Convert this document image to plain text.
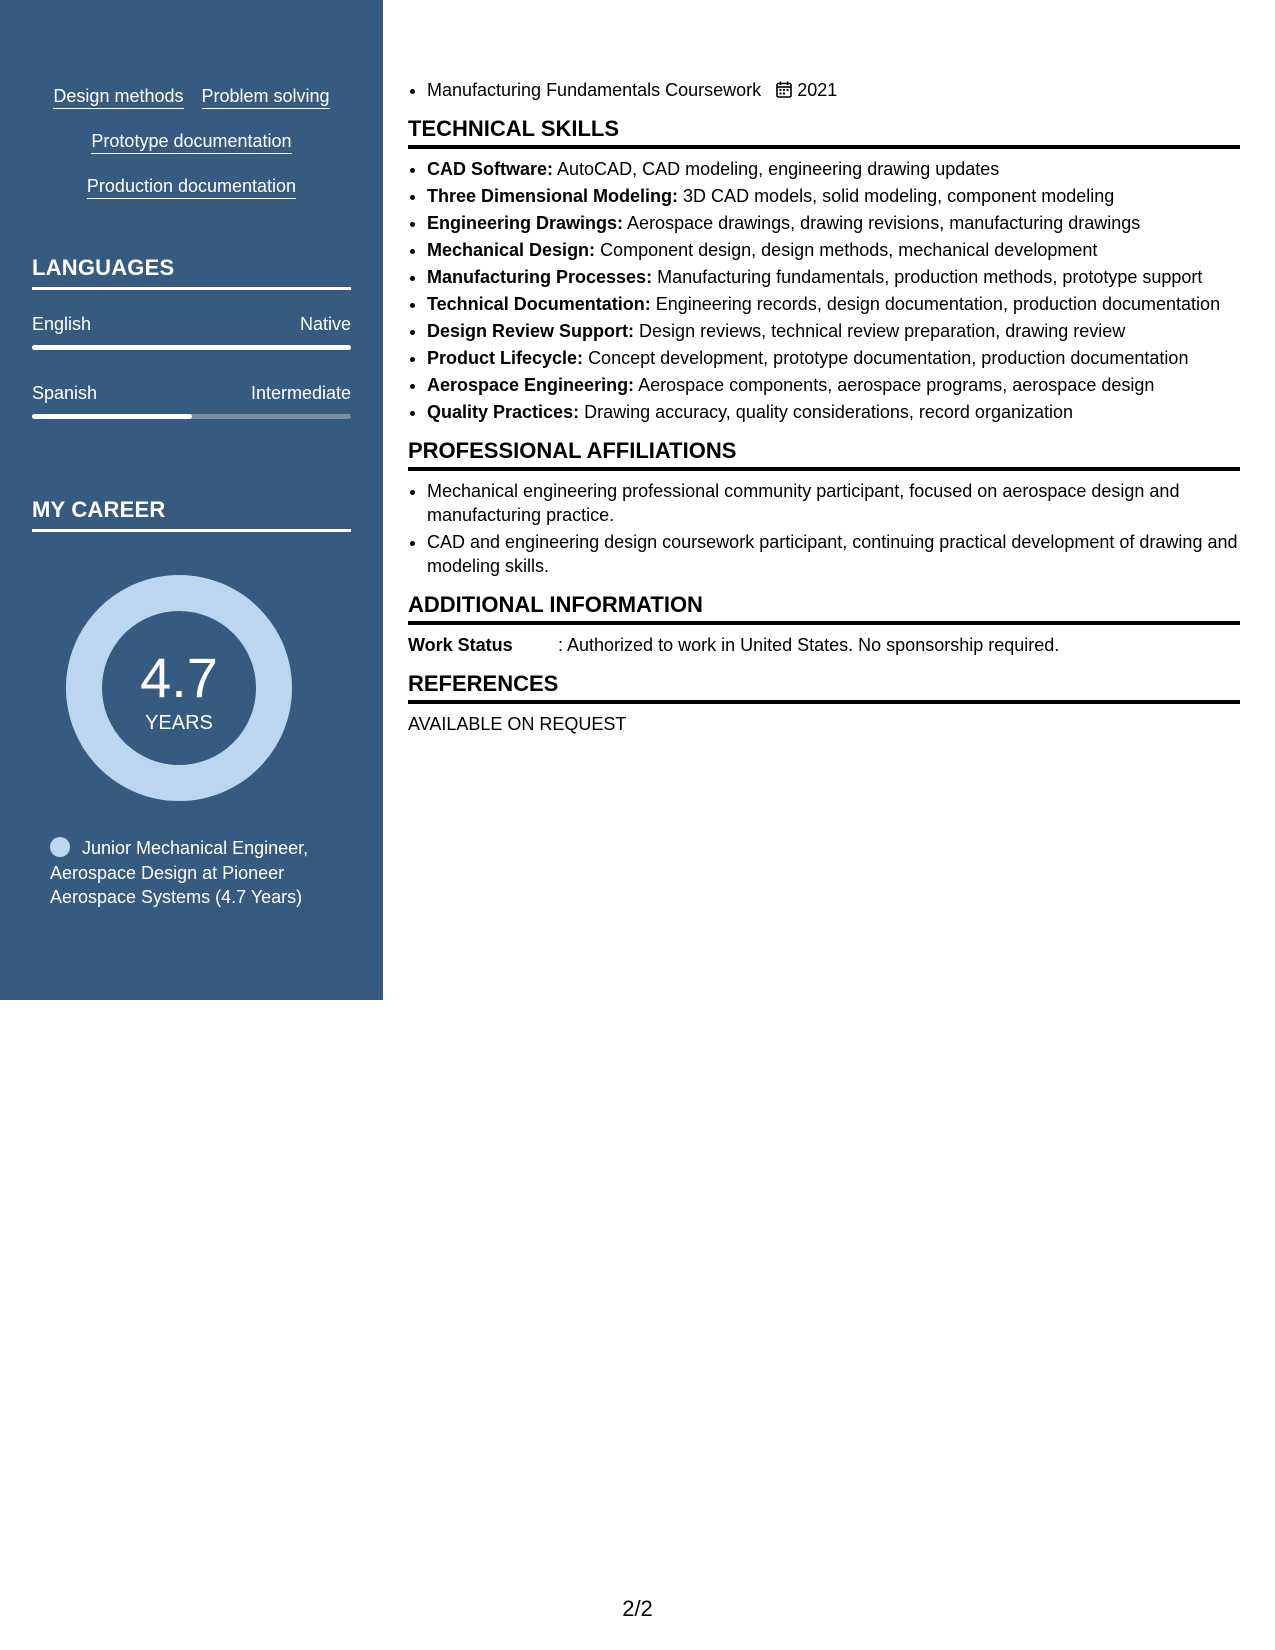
Design methods Problem solving
Prototype documentation
Production documentation
LANGUAGES
English	Native
Spanish	Intermediate
MY CAREER
4.7
YEARS
Junior Mechanical Engineer, Aerospace Design at Pioneer Aerospace Systems (4.7 Years)
• Manufacturing Fundamentals Coursework 2021
TECHNICAL SKILLS
• CAD Software: AutoCAD, CAD modeling, engineering drawing updates
• Three Dimensional Modeling: 3D CAD models, solid modeling, component modeling
• Engineering Drawings: Aerospace drawings, drawing revisions, manufacturing drawings
• Mechanical Design: Component design, design methods, mechanical development
• Manufacturing Processes: Manufacturing fundamentals, production methods, prototype support
• Technical Documentation: Engineering records, design documentation, production documentation
• Design Review Support: Design reviews, technical review preparation, drawing review
• Product Lifecycle: Concept development, prototype documentation, production documentation
• Aerospace Engineering: Aerospace components, aerospace programs, aerospace design
• Quality Practices: Drawing accuracy, quality considerations, record organization
PROFESSIONAL AFFILIATIONS
• Mechanical engineering professional community participant, focused on aerospace design and manufacturing practice.
• CAD and engineering design coursework participant, continuing practical development of drawing and modeling skills.
ADDITIONAL INFORMATION
Work Status	: Authorized to work in United States. No sponsorship required.
REFERENCES
AVAILABLE ON REQUEST
2/2
